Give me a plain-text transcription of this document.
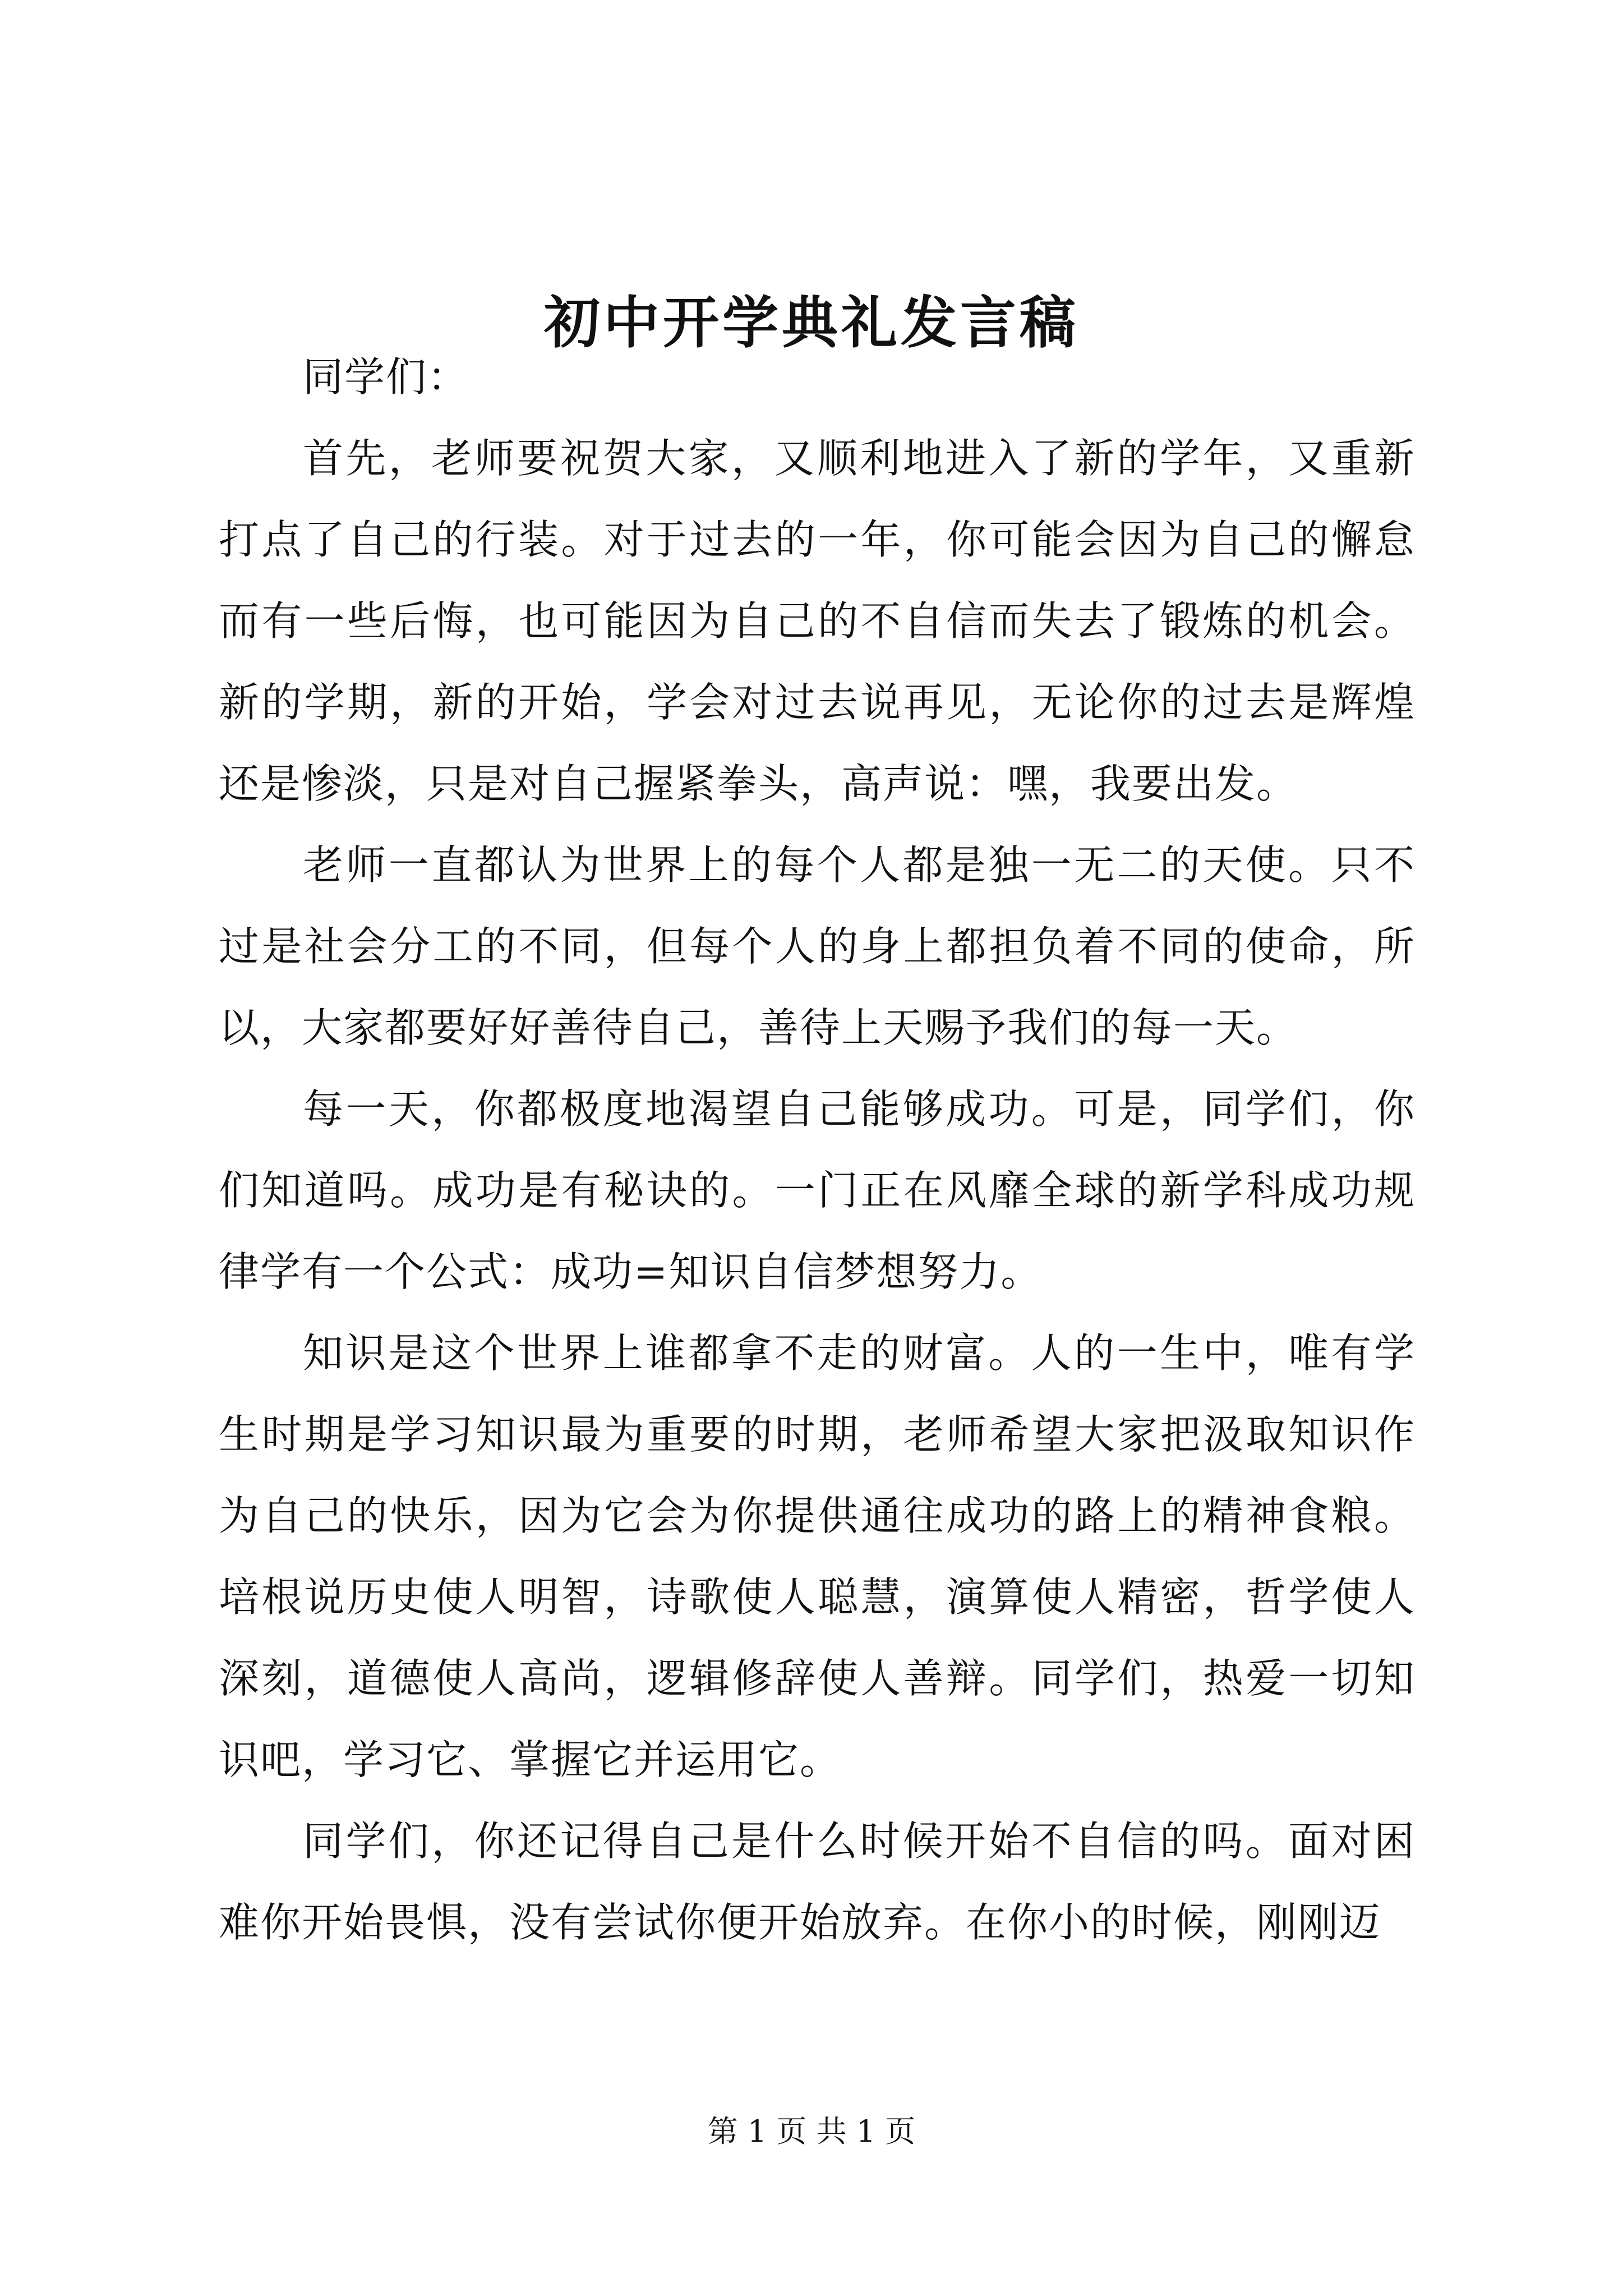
初中开学典礼发言稿

同学们：

首先，老师要祝贺大家，又顺利地进入了新的学年，又重新打点了自己的行装。对于过去的一年，你可能会因为自己的懈怠而有一些后悔，也可能因为自己的不自信而失去了锻炼的机会。新的学期，新的开始，学会对过去说再见，无论你的过去是辉煌还是惨淡，只是对自己握紧拳头，高声说：嘿，我要出发。

老师一直都认为世界上的每个人都是独一无二的天使。只不过是社会分工的不同，但每个人的身上都担负着不同的使命，所以，大家都要好好善待自己，善待上天赐予我们的每一天。

每一天，你都极度地渴望自己能够成功。可是，同学们，你们知道吗。成功是有秘诀的。一门正在风靡全球的新学科成功规律学有一个公式：成功=知识自信梦想努力。

知识是这个世界上谁都拿不走的财富。人的一生中，唯有学生时期是学习知识最为重要的时期，老师希望大家把汲取知识作为自己的快乐，因为它会为你提供通往成功的路上的精神食粮。培根说历史使人明智，诗歌使人聪慧，演算使人精密，哲学使人深刻，道德使人高尚，逻辑修辞使人善辩。同学们，热爱一切知识吧，学习它、掌握它并运用它。

同学们，你还记得自己是什么时候开始不自信的吗。面对困难你开始畏惧，没有尝试你便开始放弃。在你小的时候，刚刚迈

第 1 页 共 1 页
